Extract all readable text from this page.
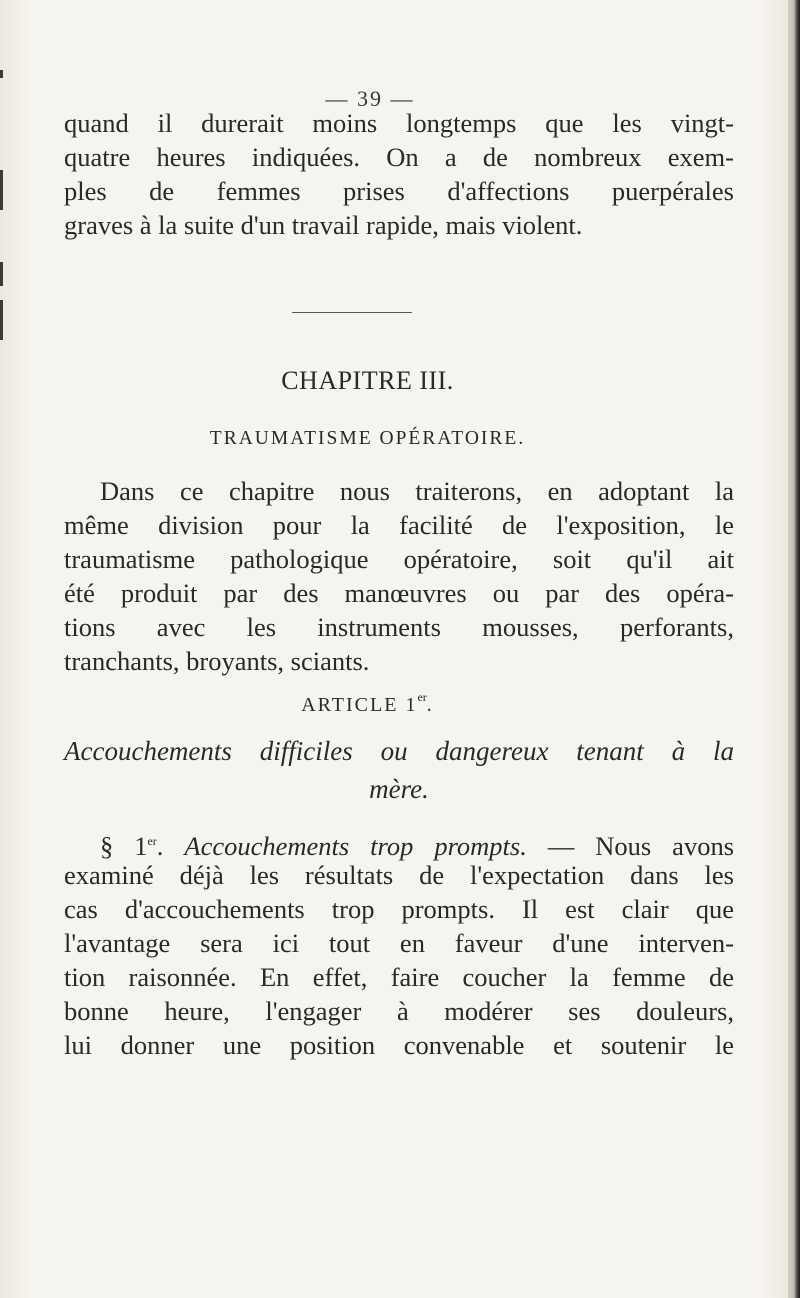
— 39 —
quand il durerait moins longtemps que les vingt-
quatre heures indiquées. On a de nombreux exem-
ples de femmes prises d'affections puerpérales
graves à la suite d'un travail rapide, mais violent.
CHAPITRE III.
TRAUMATISME OPÉRATOIRE.
Dans ce chapitre nous traiterons, en adoptant la
même division pour la facilité de l'exposition, le
traumatisme pathologique opératoire, soit qu'il ait
été produit par des manœuvres ou par des opéra-
tions avec les instruments mousses, perforants,
tranchants, broyants, sciants.
ARTICLE 1er.
Accouchements difficiles ou dangereux tenant à la
mère.
§ 1er. Accouchements trop prompts. — Nous avons
examiné déjà les résultats de l'expectation dans les
cas d'accouchements trop prompts. Il est clair que
l'avantage sera ici tout en faveur d'une interven-
tion raisonnée. En effet, faire coucher la femme de
bonne heure, l'engager à modérer ses douleurs,
lui donner une position convenable et soutenir le
